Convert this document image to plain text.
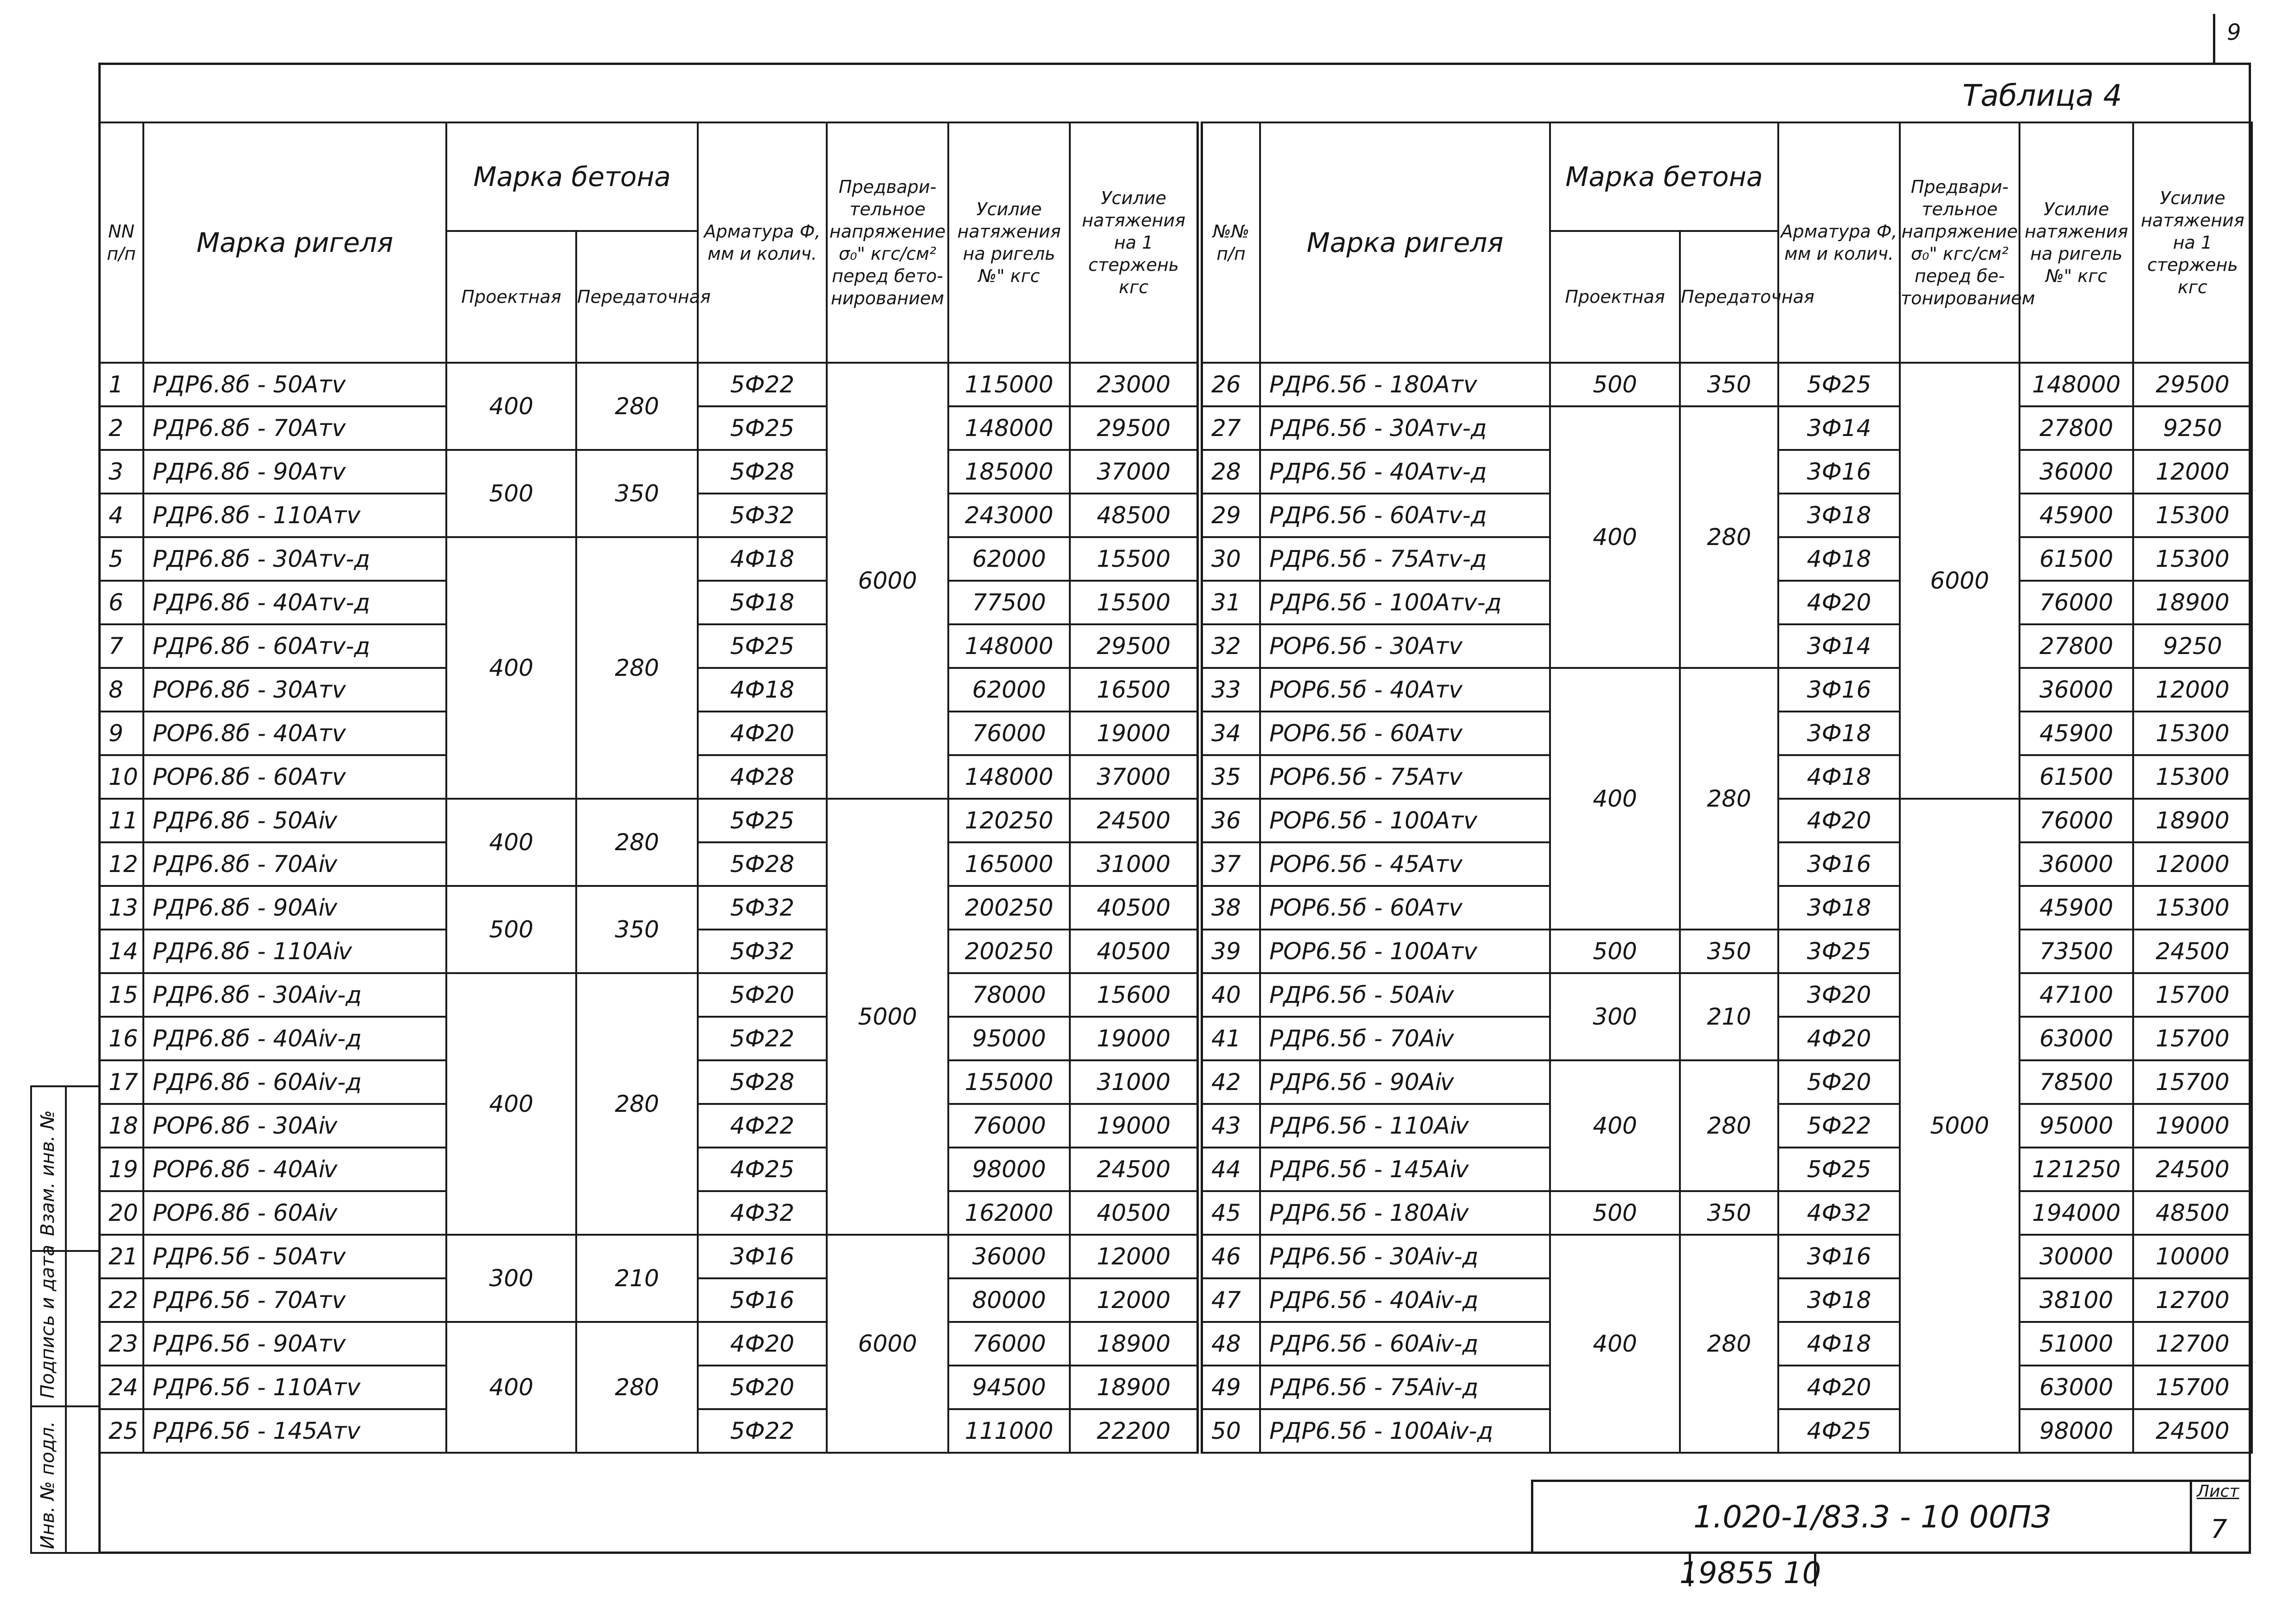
9
Таблица 4
NN п/п	Марка ригеля	Марка бетона		Арматура Ф, мм и колич.	Предвари-тельное напряжение σ₀" кгс/см² перед бето-нированием	Усилие натяжения на ригель №" кгс	Усилие натяжения на 1 стержень кгс	№№ п/п	Марка ригеля	Марка бетона		Арматура Ф, мм и колич.	Предвари-тельное напряжение σ₀" кгс/см² перед бе-тонированием	Усилие натяжения на ригель №" кгс	Усилие натяжения на 1 стержень кгс
		Проектная	Передаточная							Проектная	Передаточная				
1	РДР6.8б - 50Атⅴ	400	280	5Ф22	6000	115000	23000	26	РДР6.5б - 180Атⅴ	500	350	5Ф25	6000	148000	29500
2	РДР6.8б - 70Атⅴ			5Ф25		148000	29500	27	РДР6.5б - 30Атⅴ-д	400	280	3Ф14		27800	9250
3	РДР6.8б - 90Атⅴ	500	350	5Ф28		185000	37000	28	РДР6.5б - 40Атⅴ-д			3Ф16		36000	12000
4	РДР6.8б - 110Атⅴ			5Ф32		243000	48500	29	РДР6.5б - 60Атⅴ-д			3Ф18		45900	15300
5	РДР6.8б - 30Атⅴ-д	400	280	4Ф18		62000	15500	30	РДР6.5б - 75Атⅴ-д			4Ф18		61500	15300
6	РДР6.8б - 40Атⅴ-д			5Ф18		77500	15500	31	РДР6.5б - 100Атⅴ-д			4Ф20		76000	18900
7	РДР6.8б - 60Атⅴ-д			5Ф25		148000	29500	32	РОР6.5б - 30Атⅴ			3Ф14		27800	9250
8	РОР6.8б - 30Атⅴ			4Ф18		62000	16500	33	РОР6.5б - 40Атⅴ	400	280	3Ф16		36000	12000
9	РОР6.8б - 40Атⅴ			4Ф20		76000	19000	34	РОР6.5б - 60Атⅴ			3Ф18		45900	15300
10	РОР6.8б - 60Атⅴ			4Ф28		148000	37000	35	РОР6.5б - 75Атⅴ			4Ф18		61500	15300
11	РДР6.8б - 50Аⅳ	400	280	5Ф25	5000	120250	24500	36	РОР6.5б - 100Атⅴ			4Ф20	5000	76000	18900
12	РДР6.8б - 70Аⅳ			5Ф28		165000	31000	37	РОР6.5б - 45Атⅴ			3Ф16		36000	12000
13	РДР6.8б - 90Аⅳ	500	350	5Ф32		200250	40500	38	РОР6.5б - 60Атⅴ			3Ф18		45900	15300
14	РДР6.8б - 110Аⅳ			5Ф32		200250	40500	39	РОР6.5б - 100Атⅴ	500	350	3Ф25		73500	24500
15	РДР6.8б - 30Аⅳ-д	400	280	5Ф20		78000	15600	40	РДР6.5б - 50Аⅳ	300	210	3Ф20		47100	15700
16	РДР6.8б - 40Аⅳ-д			5Ф22		95000	19000	41	РДР6.5б - 70Аⅳ			4Ф20		63000	15700
17	РДР6.8б - 60Аⅳ-д			5Ф28		155000	31000	42	РДР6.5б - 90Аⅳ	400	280	5Ф20		78500	15700
18	РОР6.8б - 30Аⅳ			4Ф22		76000	19000	43	РДР6.5б - 110Аⅳ			5Ф22		95000	19000
19	РОР6.8б - 40Аⅳ			4Ф25		98000	24500	44	РДР6.5б - 145Аⅳ			5Ф25		121250	24500
20	РОР6.8б - 60Аⅳ			4Ф32		162000	40500	45	РДР6.5б - 180Аⅳ	500	350	4Ф32		194000	48500
21	РДР6.5б - 50Атⅴ	300	210	3Ф16	6000	36000	12000	46	РДР6.5б - 30Аⅳ-д	400	280	3Ф16		30000	10000
22	РДР6.5б - 70Атⅴ			5Ф16		80000	12000	47	РДР6.5б - 40Аⅳ-д			3Ф18		38100	12700
23	РДР6.5б - 90Атⅴ	400	280	4Ф20		76000	18900	48	РДР6.5б - 60Аⅳ-д			4Ф18		51000	12700
24	РДР6.5б - 110Атⅴ			5Ф20		94500	18900	49	РДР6.5б - 75Аⅳ-д			4Ф20		63000	15700
25	РДР6.5б - 145Атⅴ			5Ф22		111000	22200	50	РДР6.5б - 100Аⅳ-д			4Ф25		98000	24500
1.020-1/83.3 - 10 00ПЗ
Лист
7
19855 10
Взам. инв. №
Подпись и дата
Инв. № подл.
